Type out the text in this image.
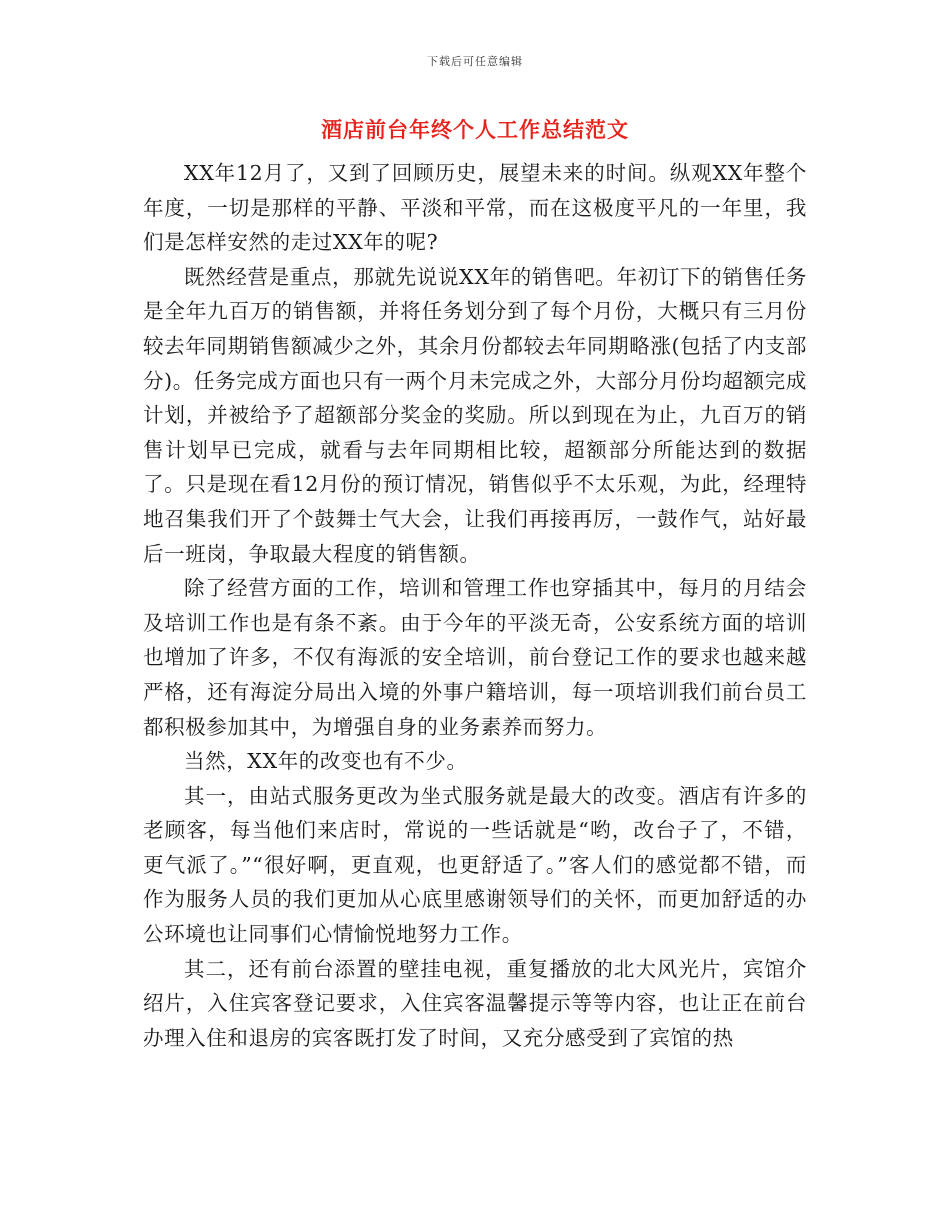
下载后可任意编辑
酒店前台年终个人工作总结范文

XX年12月了，又到了回顾历史，展望未来的时间。纵观XX年整个年度，一切是那样的平静、平淡和平常，而在这极度平凡的一年里，我们是怎样安然的走过XX年的呢?

既然经营是重点，那就先说说XX年的销售吧。年初订下的销售任务是全年九百万的销售额，并将任务划分到了每个月份，大概只有三月份较去年同期销售额减少之外，其余月份都较去年同期略涨(包括了内支部分)。任务完成方面也只有一两个月未完成之外，大部分月份均超额完成计划，并被给予了超额部分奖金的奖励。所以到现在为止，九百万的销售计划早已完成，就看与去年同期相比较，超额部分所能达到的数据了。只是现在看12月份的预订情况，销售似乎不太乐观，为此，经理特地召集我们开了个鼓舞士气大会，让我们再接再厉，一鼓作气，站好最后一班岗，争取最大程度的销售额。

除了经营方面的工作，培训和管理工作也穿插其中，每月的月结会及培训工作也是有条不紊。由于今年的平淡无奇，公安系统方面的培训也增加了许多，不仅有海派的安全培训，前台登记工作的要求也越来越严格，还有海淀分局出入境的外事户籍培训，每一项培训我们前台员工都积极参加其中，为增强自身的业务素养而努力。

当然，XX年的改变也有不少。

其一，由站式服务更改为坐式服务就是最大的改变。酒店有许多的老顾客，每当他们来店时，常说的一些话就是“哟，改台子了，不错，更气派了。”“很好啊，更直观，也更舒适了。”客人们的感觉都不错，而作为服务人员的我们更加从心底里感谢领导们的关怀，而更加舒适的办公环境也让同事们心情愉悦地努力工作。

其二，还有前台添置的壁挂电视，重复播放的北大风光片，宾馆介绍片，入住宾客登记要求，入住宾客温馨提示等等内容，也让正在前台办理入住和退房的宾客既打发了时间，又充分感受到了宾馆的热
